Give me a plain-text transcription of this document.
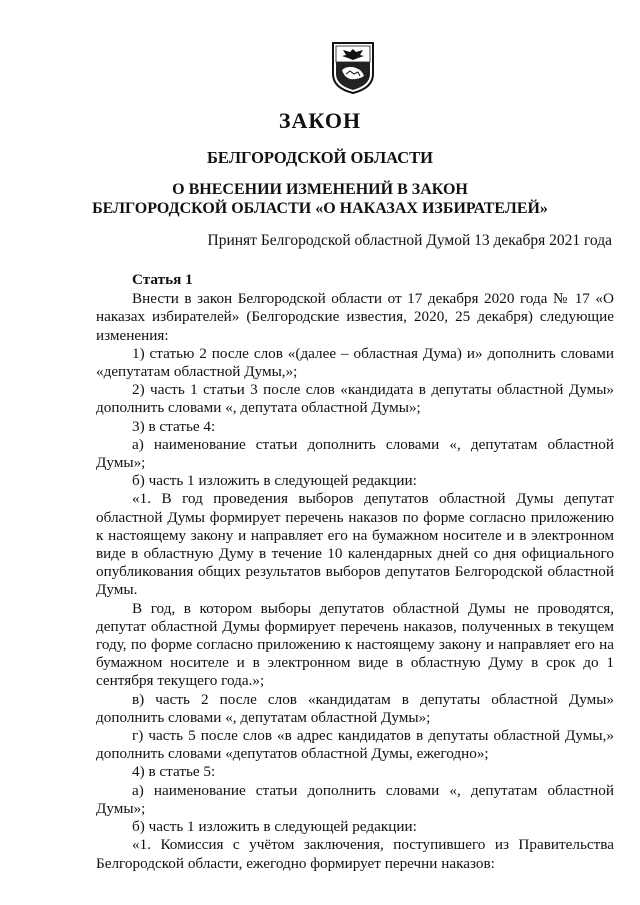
ЗАКОН
БЕЛГОРОДСКОЙ ОБЛАСТИ
О ВНЕСЕНИИ ИЗМЕНЕНИЙ В ЗАКОН
БЕЛГОРОДСКОЙ ОБЛАСТИ «О НАКАЗАХ ИЗБИРАТЕЛЕЙ»

Принят Белгородской областной Думой 13 декабря 2021 года

Статья 1

Внести в закон Белгородской области от 17 декабря 2020 года № 17 «О наказах избирателей» (Белгородские известия, 2020, 25 декабря) следующие изменения:

1) статью 2 после слов «(далее – областная Дума) и» дополнить словами «депутатам областной Думы,»;

2) часть 1 статьи 3 после слов «кандидата в депутаты областной Думы» дополнить словами «, депутата областной Думы»;

3) в статье 4:

а) наименование статьи дополнить словами «, депутатам областной Думы»;

б) часть 1 изложить в следующей редакции:

«1. В год проведения выборов депутатов областной Думы депутат областной Думы формирует перечень наказов по форме согласно приложению к настоящему закону и направляет его на бумажном носителе и в электронном виде в областную Думу в течение 10 календарных дней со дня официального опубликования общих результатов выборов депутатов Белгородской областной Думы.

В год, в котором выборы депутатов областной Думы не проводятся, депутат областной Думы формирует перечень наказов, полученных в текущем году, по форме согласно приложению к настоящему закону и направляет его на бумажном носителе и в электронном виде в областную Думу в срок до 1 сентября текущего года.»;

в) часть 2 после слов «кандидатам в депутаты областной Думы» дополнить словами «, депутатам областной Думы»;

г) часть 5 после слов «в адрес кандидатов в депутаты областной Думы,» дополнить словами «депутатов областной Думы, ежегодно»;

4) в статье 5:

а) наименование статьи дополнить словами «, депутатам областной Думы»;

б) часть 1 изложить в следующей редакции:

«1. Комиссия с учётом заключения, поступившего из Правительства Белгородской области, ежегодно формирует перечни наказов:
